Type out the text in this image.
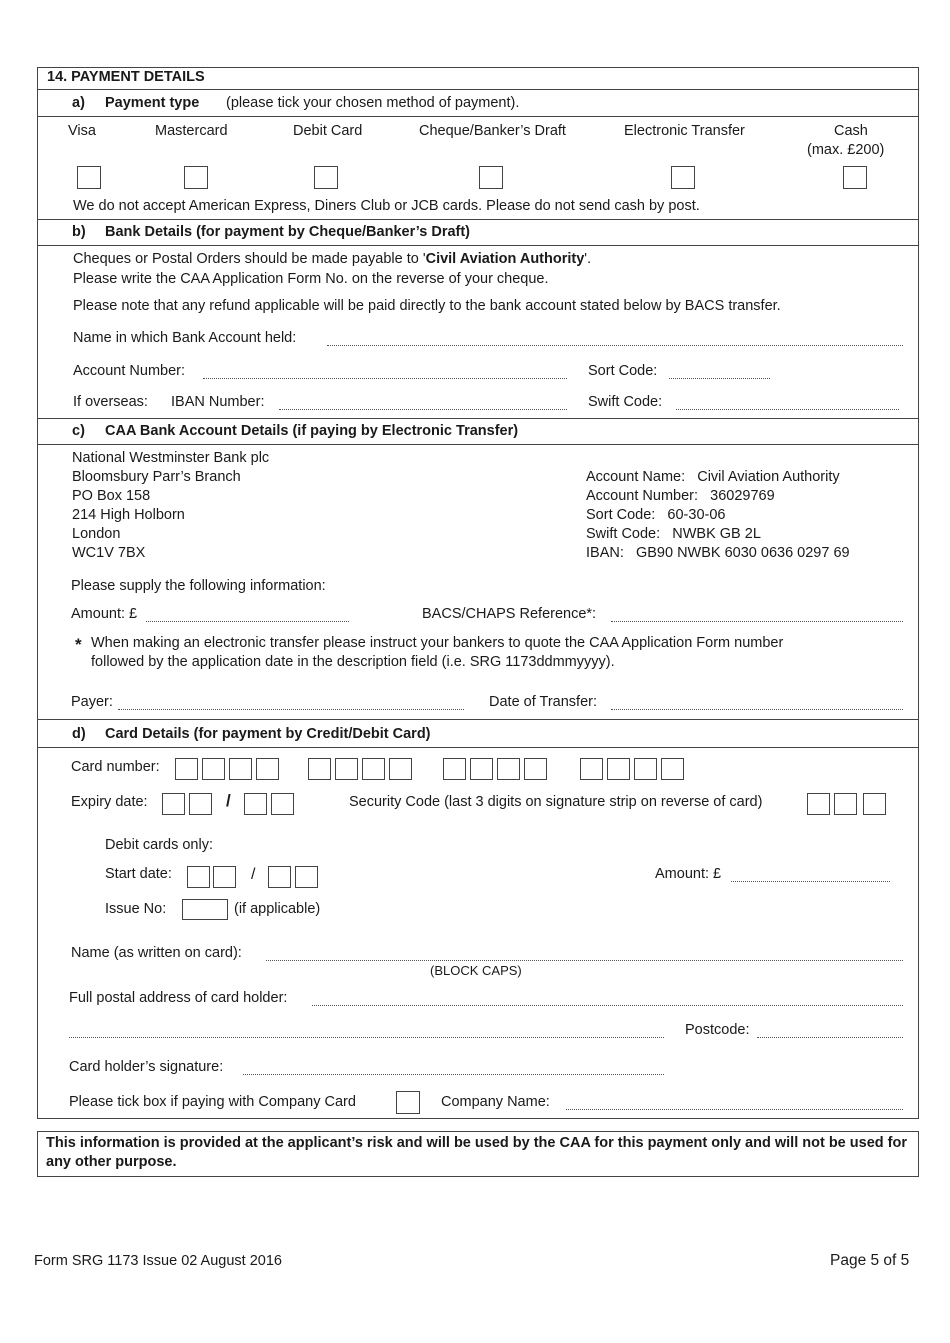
14. PAYMENT DETAILS
a) Payment type (please tick your chosen method of payment).
Visa	Mastercard	Debit Card	Cheque/Banker’s Draft	Electronic Transfer	Cash
(max. £200)
We do not accept American Express, Diners Club or JCB cards. Please do not send cash by post.
b) Bank Details (for payment by Cheque/Banker’s Draft)
Cheques or Postal Orders should be made payable to 'Civil Aviation Authority'.
Please write the CAA Application Form No. on the reverse of your cheque.
Please note that any refund applicable will be paid directly to the bank account stated below by BACS transfer.
Name in which Bank Account held:
Account Number:	Sort Code:
If overseas: IBAN Number:	Swift Code:
c) CAA Bank Account Details (if paying by Electronic Transfer)
National Westminster Bank plc
Bloomsbury Parr’s Branch
PO Box 158
214 High Holborn
London
WC1V 7BX
Account Name: Civil Aviation Authority
Account Number: 36029769
Sort Code: 60-30-06
Swift Code: NWBK GB 2L
IBAN: GB90 NWBK 6030 0636 0297 69
Please supply the following information:
Amount: £	BACS/CHAPS Reference*:
* When making an electronic transfer please instruct your bankers to quote the CAA Application Form number
followed by the application date in the description field (i.e. SRG 1173ddmmyyyy).
Payer:	Date of Transfer:
d) Card Details (for payment by Credit/Debit Card)
Card number:
Expiry date:	/	Security Code (last 3 digits on signature strip on reverse of card)
Debit cards only:
Start date:	/	Amount: £
Issue No:	(if applicable)
Name (as written on card):
(BLOCK CAPS)
Full postal address of card holder:
Postcode:
Card holder’s signature:
Please tick box if paying with Company Card	Company Name:
This information is provided at the applicant’s risk and will be used by the CAA for this payment only and will not be used for any other purpose.
Form SRG 1173 Issue 02 August 2016	Page 5 of 5
